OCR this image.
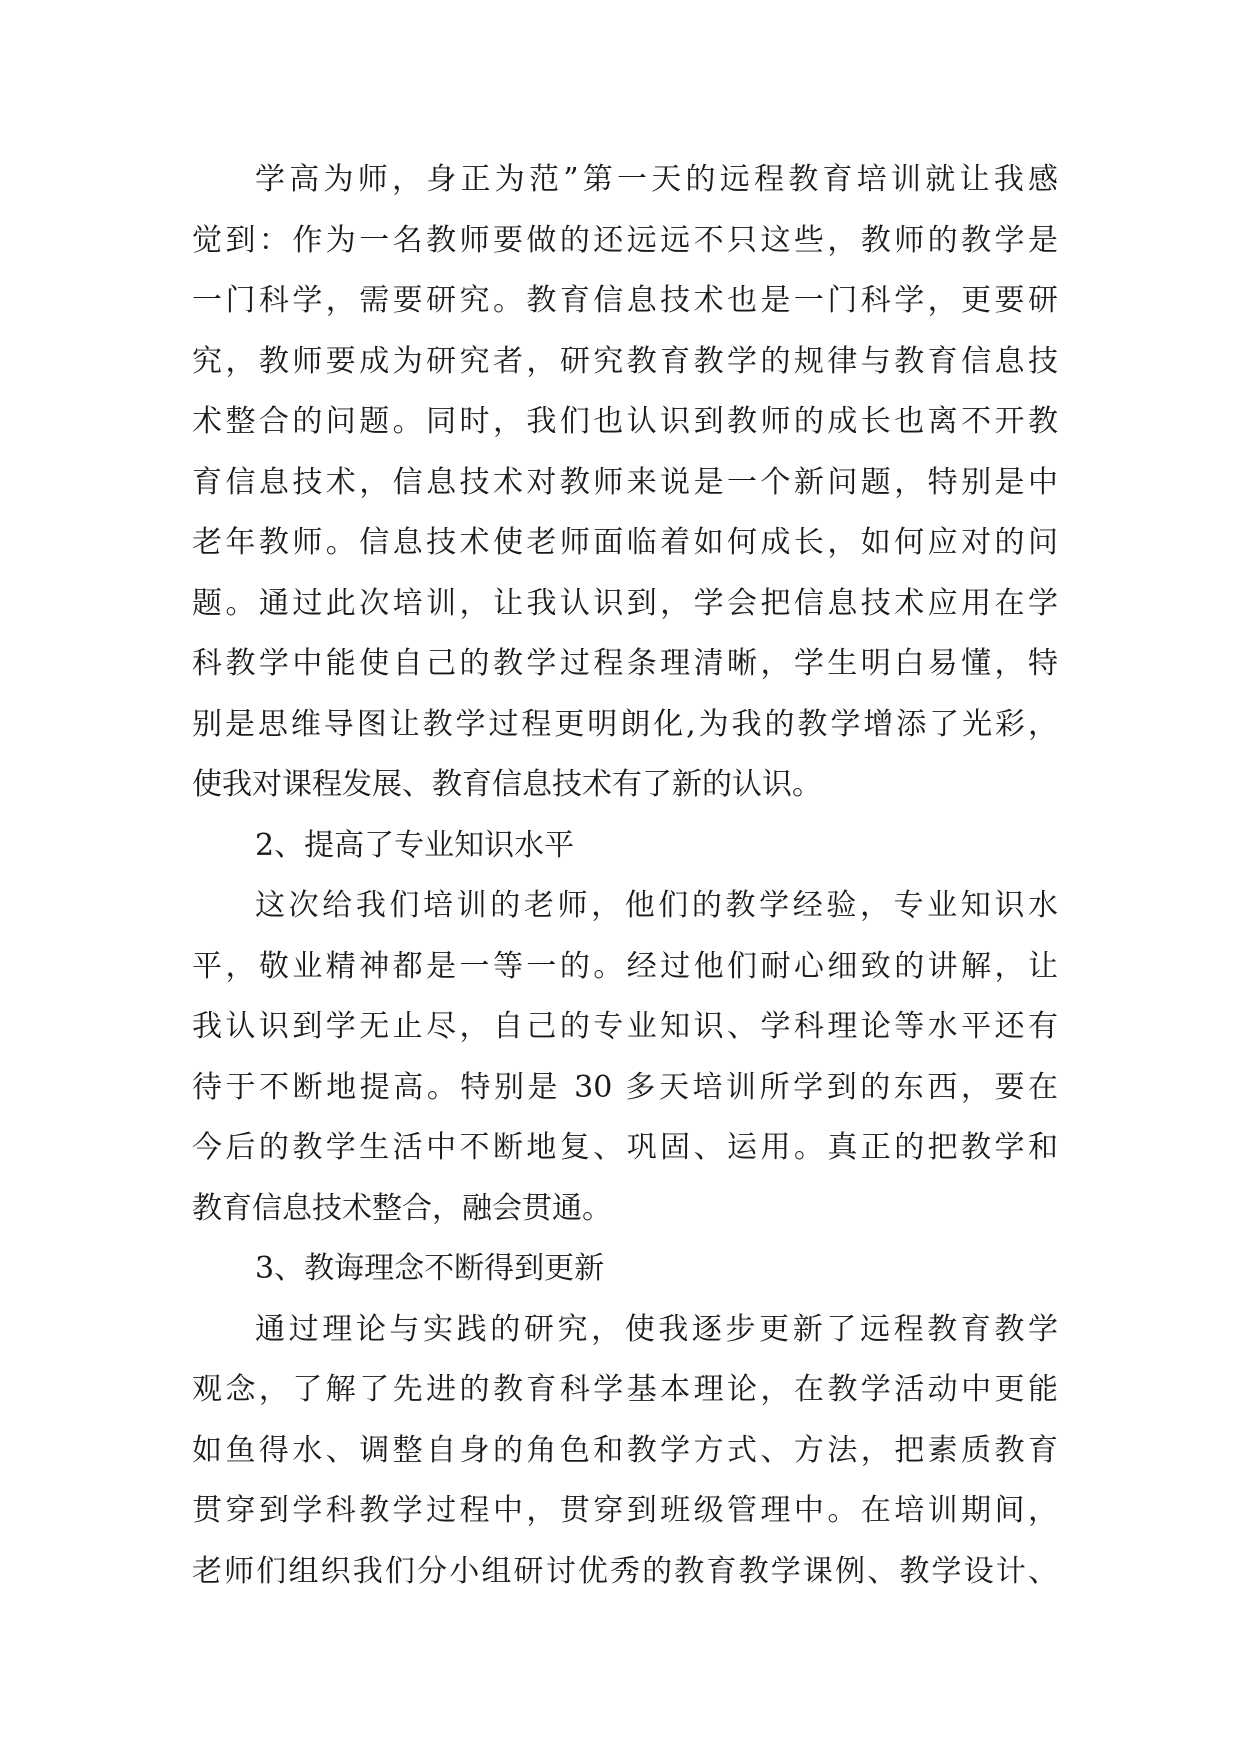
学高为师，身正为范”第一天的远程教育培训就让我感
觉到：作为一名教师要做的还远远不只这些，教师的教学是
一门科学，需要研究。教育信息技术也是一门科学，更要研
究，教师要成为研究者，研究教育教学的规律与教育信息技
术整合的问题。同时，我们也认识到教师的成长也离不开教
育信息技术，信息技术对教师来说是一个新问题，特别是中
老年教师。信息技术使老师面临着如何成长，如何应对的问
题。通过此次培训，让我认识到，学会把信息技术应用在学
科教学中能使自己的教学过程条理清晰，学生明白易懂，特
别是思维导图让教学过程更明朗化,为我的教学增添了光彩，
使我对课程发展、教育信息技术有了新的认识。
2、提高了专业知识水平
这次给我们培训的老师，他们的教学经验，专业知识水
平，敬业精神都是一等一的。经过他们耐心细致的讲解，让
我认识到学无止尽，自己的专业知识、学科理论等水平还有
待于不断地提高。特别是 30 多天培训所学到的东西，要在
今后的教学生活中不断地复、巩固、运用。真正的把教学和
教育信息技术整合，融会贯通。
3、教诲理念不断得到更新
通过理论与实践的研究，使我逐步更新了远程教育教学
观念，了解了先进的教育科学基本理论，在教学活动中更能
如鱼得水、调整自身的角色和教学方式、方法，把素质教育
贯穿到学科教学过程中，贯穿到班级管理中。在培训期间，
老师们组织我们分小组研讨优秀的教育教学课例、教学设计、
